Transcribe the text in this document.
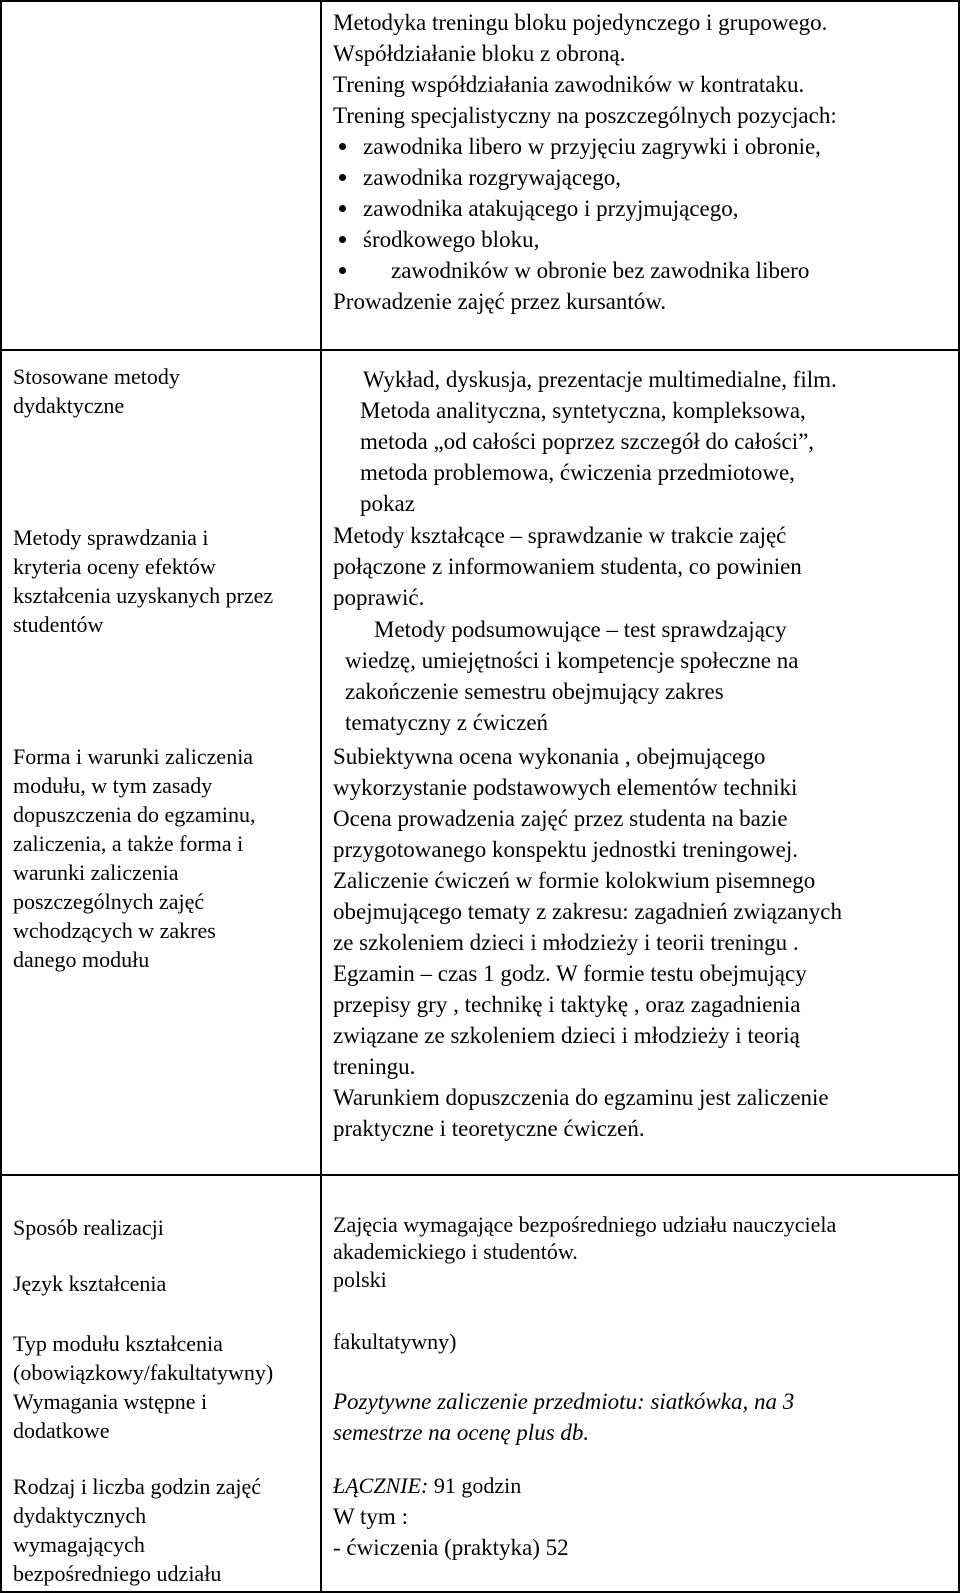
Metodyka treningu bloku pojedynczego i grupowego.
Współdziałanie bloku z obroną.
Trening współdziałania zawodników w kontrataku.
Trening specjalistyczny na poszczególnych pozycjach:
zawodnika libero w przyjęciu zagrywki i obronie,
zawodnika rozgrywającego,
zawodnika atakującego i przyjmującego,
środkowego bloku,
zawodników w obronie bez zawodnika libero
Prowadzenie zajęć przez kursantów.
Stosowane metody
dydaktyczne
Wykład, dyskusja, prezentacje multimedialne, film.
Metoda analityczna, syntetyczna, kompleksowa,
metoda „od całości poprzez szczegół do całości”,
metoda problemowa, ćwiczenia przedmiotowe,
pokaz
Metody sprawdzania i
kryteria oceny efektów
kształcenia uzyskanych przez
studentów
Metody kształcące – sprawdzanie w trakcie zajęć
połączone z informowaniem studenta, co powinien
poprawić.
Metody podsumowujące – test sprawdzający
wiedzę, umiejętności i kompetencje społeczne na
zakończenie semestru obejmujący zakres
tematyczny z ćwiczeń
Forma i warunki zaliczenia
modułu, w tym zasady
dopuszczenia do egzaminu,
zaliczenia, a także forma i
warunki zaliczenia
poszczególnych zajęć
wchodzących w zakres
danego modułu
Subiektywna ocena wykonania , obejmującego
wykorzystanie podstawowych elementów techniki
Ocena prowadzenia zajęć przez studenta na bazie
przygotowanego konspektu jednostki treningowej.
Zaliczenie ćwiczeń w formie kolokwium pisemnego
obejmującego tematy z zakresu: zagadnień związanych
ze szkoleniem dzieci i młodzieży i teorii treningu .
Egzamin – czas 1 godz. W formie testu obejmujący
przepisy gry , technikę i taktykę , oraz zagadnienia
związane ze szkoleniem dzieci i młodzieży i teorią
treningu.
Warunkiem dopuszczenia do egzaminu jest zaliczenie
praktyczne i teoretyczne ćwiczeń.
Sposób realizacji	Zajęcia wymagające bezpośredniego udziału nauczyciela
akademickiego i studentów.
Język kształcenia	polski
Typ modułu kształcenia
(obowiązkowy/fakultatywny)
fakultatywny)
Wymagania wstępne i
dodatkowe
Pozytywne zaliczenie przedmiotu: siatkówka, na 3
semestrze na ocenę plus db.
Rodzaj i liczba godzin zajęć
dydaktycznych
wymagających
bezpośredniego udziału
ŁĄCZNIE: 91 godzin
W tym :
- ćwiczenia (praktyka) 52
